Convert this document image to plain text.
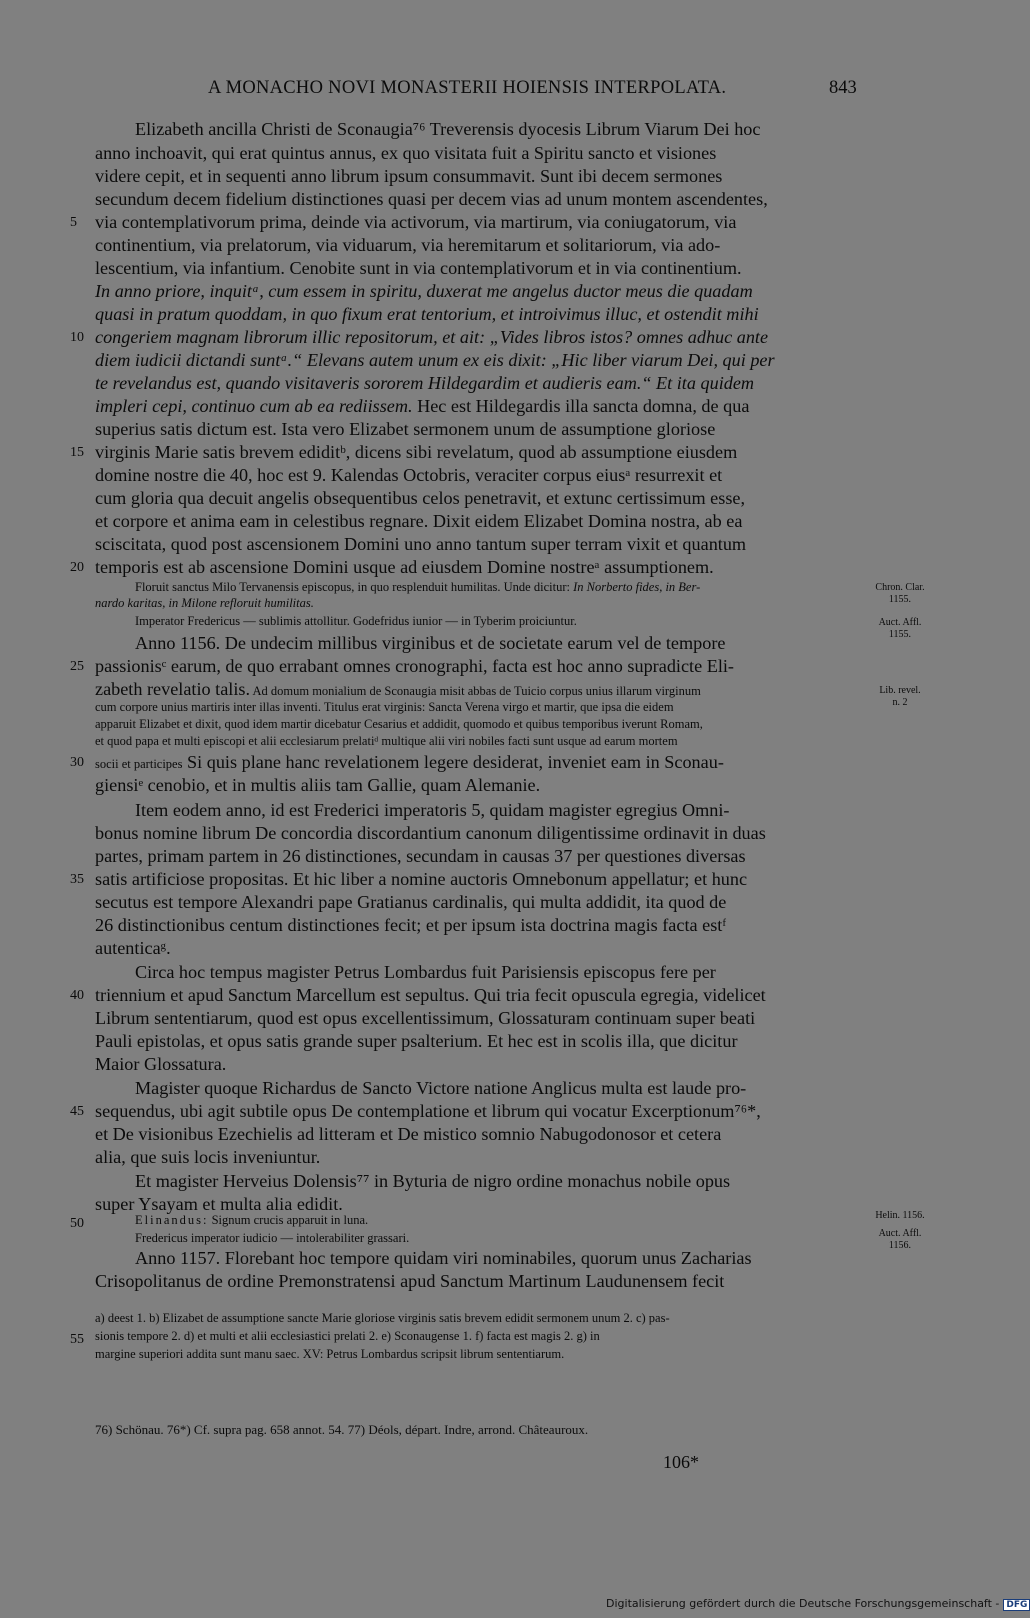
A MONACHO NOVI MONASTERII HOIENSIS INTERPOLATA.	843
Elizabeth ancilla Christi de Sconaugia⁷⁶ Treverensis dyocesis Librum Viarum Dei hoc
anno inchoavit, qui erat quintus annus, ex quo visitata fuit a Spiritu sancto et visiones
videre cepit, et in sequenti anno librum ipsum consummavit. Sunt ibi decem sermones
secundum decem fidelium distinctiones quasi per decem vias ad unum montem ascendentes,
5 via contemplativorum prima, deinde via activorum, via martirum, via coniugatorum, via
continentium, via prelatorum, via viduarum, via heremitarum et solitariorum, via ado-
lescentium, via infantium. Cenobite sunt in via contemplativorum et in via continentium.
In anno priore, inquitᵃ, cum essem in spiritu, duxerat me angelus ductor meus die quadam
quasi in pratum quoddam, in quo fixum erat tentorium, et introivimus illuc, et ostendit mihi
10 congeriem magnam librorum illic repositorum, et ait: „Vides libros istos? omnes adhuc ante
diem iudicii dictandi suntᵃ.“ Elevans autem unum ex eis dixit: „Hic liber viarum Dei, qui per
te revelandus est, quando visitaveris sororem Hildegardim et audieris eam.“ Et ita quidem
impleri cepi, continuo cum ab ea rediissem. Hec est Hildegardis illa sancta domna, de qua
superius satis dictum est. Ista vero Elizabet sermonem unum de assumptione gloriose
15 virginis Marie satis brevem ediditᵇ, dicens sibi revelatum, quod ab assumptione eiusdem
domine nostre die 40, hoc est 9. Kalendas Octobris, veraciter corpus eiusᵃ resurrexit et
cum gloria qua decuit angelis obsequentibus celos penetravit, et extunc certissimum esse,
et corpore et anima eam in celestibus regnare. Dixit eidem Elizabet Domina nostra, ab ea
sciscitata, quod post ascensionem Domini uno anno tantum super terram vixit et quantum
20 temporis est ab ascensione Domini usque ad eiusdem Domine nostreᵃ assumptionem.
Floruit sanctus Milo Tervanensis episcopus, in quo resplenduit humilitas. Unde dicitur: In Norberto fides, in Ber-
nardo karitas, in Milone refloruit humilitas.
Imperator Fredericus — sublimis attollitur. Godefridus iunior — in Tyberim proiciuntur.
Anno 1156. De undecim millibus virginibus et de societate earum vel de tempore
25 passionisᶜ earum, de quo errabant omnes cronographi, facta est hoc anno supradicte Eli-
zabeth revelatio talis. Ad domum monialium de Sconaugia misit abbas de Tuicio corpus unius illarum virginum
cum corpore unius martiris inter illas inventi. Titulus erat virginis: Sancta Verena virgo et martir, que ipsa die eidem
apparuit Elizabet et dixit, quod idem martir dicebatur Cesarius et addidit, quomodo et quibus temporibus iverunt Romam,
et quod papa et multi episcopi et alii ecclesiarum prelatiᵈ multique alii viri nobiles facti sunt usque ad earum mortem
30 socii et participes Si quis plane hanc revelationem legere desiderat, inveniet eam in Sconau-
giensiᵉ cenobio, et in multis aliis tam Gallie, quam Alemanie.
Item eodem anno, id est Frederici imperatoris 5, quidam magister egregius Omni-
bonus nomine librum De concordia discordantium canonum diligentissime ordinavit in duas
partes, primam partem in 26 distinctiones, secundam in causas 37 per questiones diversas
35 satis artificiose propositas. Et hic liber a nomine auctoris Omnebonum appellatur; et hunc
secutus est tempore Alexandri pape Gratianus cardinalis, qui multa addidit, ita quod de
26 distinctionibus centum distinctiones fecit; et per ipsum ista doctrina magis facta estᶠ
autenticaᵍ.
Circa hoc tempus magister Petrus Lombardus fuit Parisiensis episcopus fere per
40 triennium et apud Sanctum Marcellum est sepultus. Qui tria fecit opuscula egregia, videlicet
Librum sententiarum, quod est opus excellentissimum, Glossaturam continuam super beati
Pauli epistolas, et opus satis grande super psalterium. Et hec est in scolis illa, que dicitur
Maior Glossatura.
Magister quoque Richardus de Sancto Victore natione Anglicus multa est laude pro-
45 sequendus, ubi agit subtile opus De contemplatione et librum qui vocatur Excerptionum⁷⁶*,
et De visionibus Ezechielis ad litteram et De mistico somnio Nabugodonosor et cetera
alia, que suis locis inveniuntur.
Et magister Herveius Dolensis⁷⁷ in Byturia de nigro ordine monachus nobile opus
super Ysayam et multa alia edidit.
50	Elinandus: Signum crucis apparuit in luna.
Fredericus imperator iudicio — intolerabiliter grassari.
Anno 1157. Florebant hoc tempore quidam viri nominabiles, quorum unus Zacharias
Crisopolitanus de ordine Premonstratensi apud Sanctum Martinum Laudunensem fecit
a) deest 1. b) Elizabet de assumptione sancte Marie gloriose virginis satis brevem edidit sermonem unum 2. c) pas-
55 sionis tempore 2. d) et multi et alii ecclesiastici prelati 2. e) Sconaugense 1. f) facta est magis 2. g) in
margine superiori addita sunt manu saec. XV: Petrus Lombardus scripsit librum sententiarum.
76) Schönau. 76*) Cf. supra pag. 658 annot. 54. 77) Déols, départ. Indre, arrond. Châteauroux.
Chron. Clar.
1155.
Auct. Affl.
1155.
Lib. revel.
n. 2
Helin. 1156.
Auct. Affl.
1156.
106*
Digitalisierung gefördert durch die Deutsche Forschungsgemeinschaft - DFG
